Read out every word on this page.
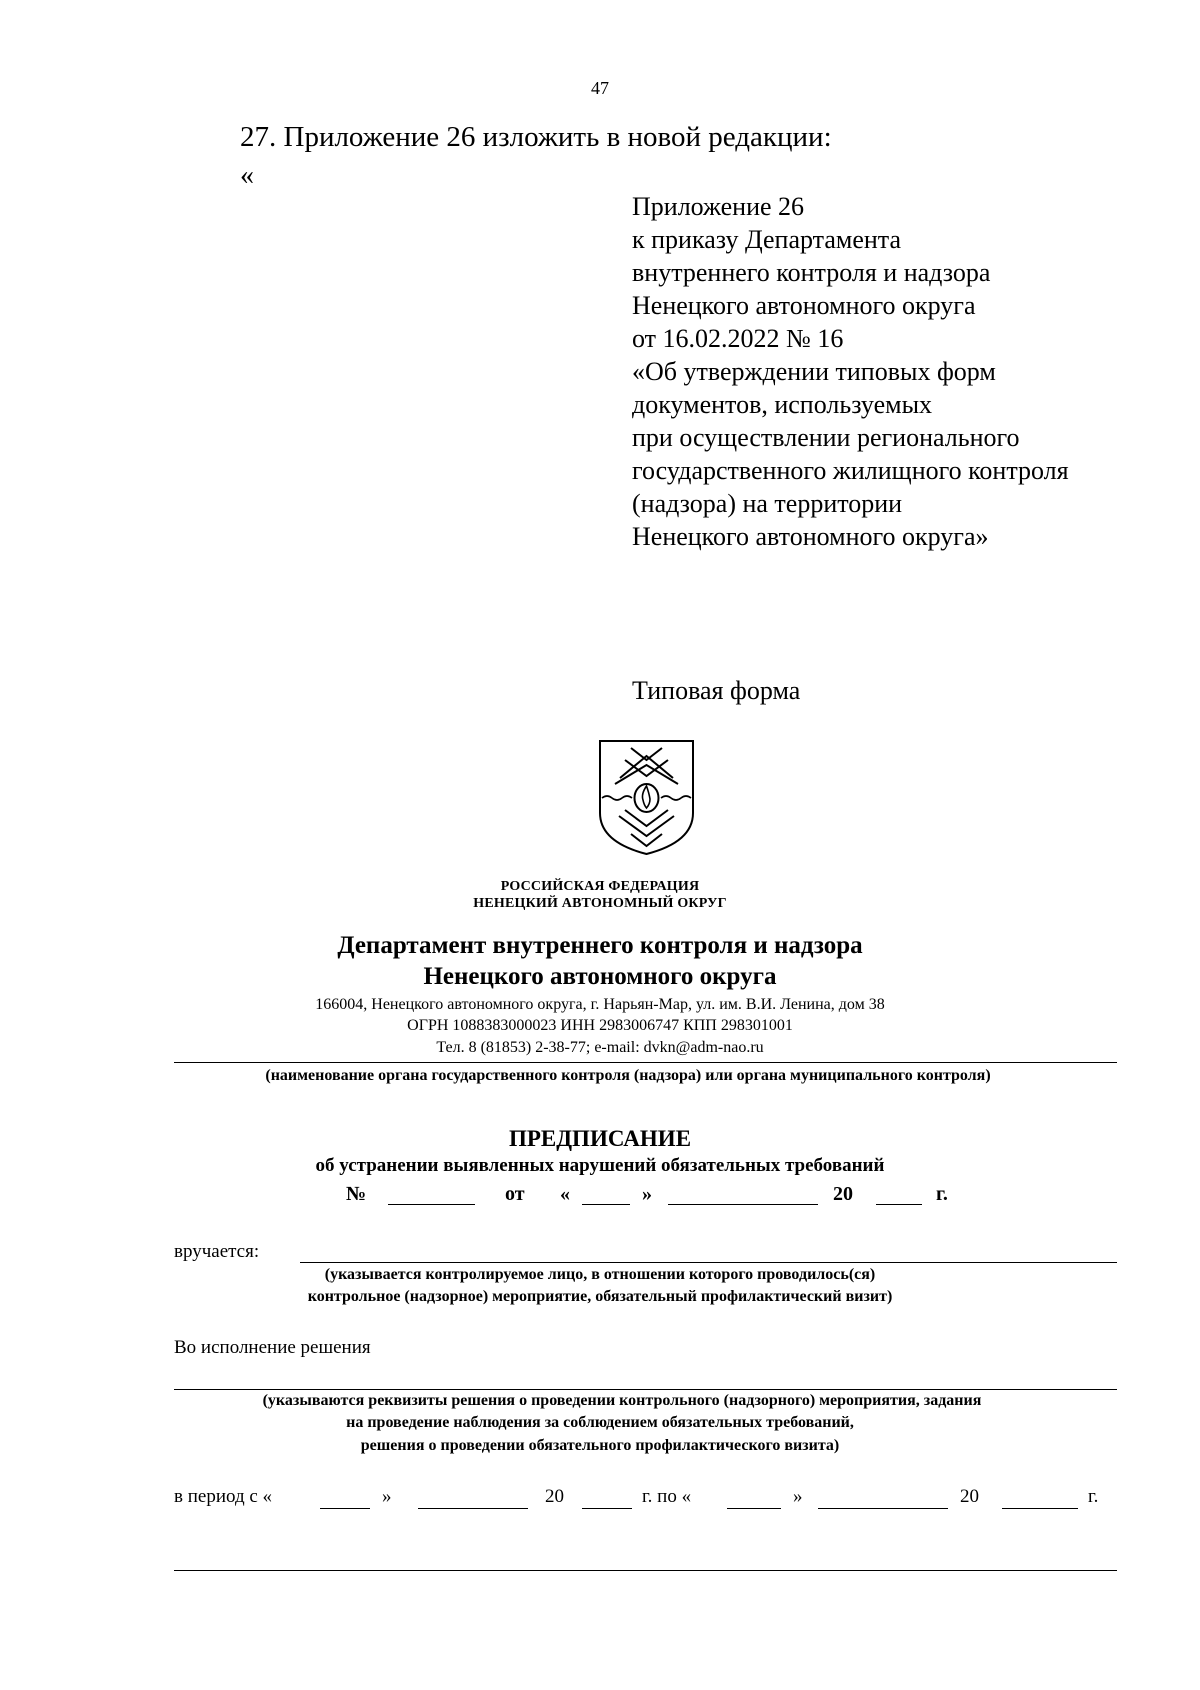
47
27. Приложение 26 изложить в новой редакции:
«
Приложение 26
к приказу Департамента
внутреннего контроля и надзора
Ненецкого автономного округа
от 16.02.2022 № 16
«Об утверждении типовых форм
документов, используемых
при осуществлении регионального
государственного жилищного контроля
(надзора) на территории
Ненецкого автономного округа»
Типовая форма
РОССИЙСКАЯ ФЕДЕРАЦИЯ
НЕНЕЦКИЙ АВТОНОМНЫЙ ОКРУГ
Департамент внутреннего контроля и надзора
Ненецкого автономного округа
166004, Ненецкого автономного округа, г. Нарьян-Мар, ул. им. В.И. Ленина, дом 38
ОГРН 1088383000023 ИНН 2983006747 КПП 298301001
Тел. 8 (81853) 2-38-77; e-mail: dvkn@adm-nao.ru
(наименование органа государственного контроля (надзора) или органа муниципального контроля)
ПРЕДПИСАНИЕ
об устранении выявленных нарушений обязательных требований
№	от «	»	20	г.
вручается:
(указывается контролируемое лицо, в отношении которого проводилось(ся)
контрольное (надзорное) мероприятие, обязательный профилактический визит)
Во исполнение решения
(указываются реквизиты решения о проведении контрольного (надзорного) мероприятия, задания
на проведение наблюдения за соблюдением обязательных требований,
решения о проведении обязательного профилактического визита)
в период с «	»	20	г. по «	»	20	г.
